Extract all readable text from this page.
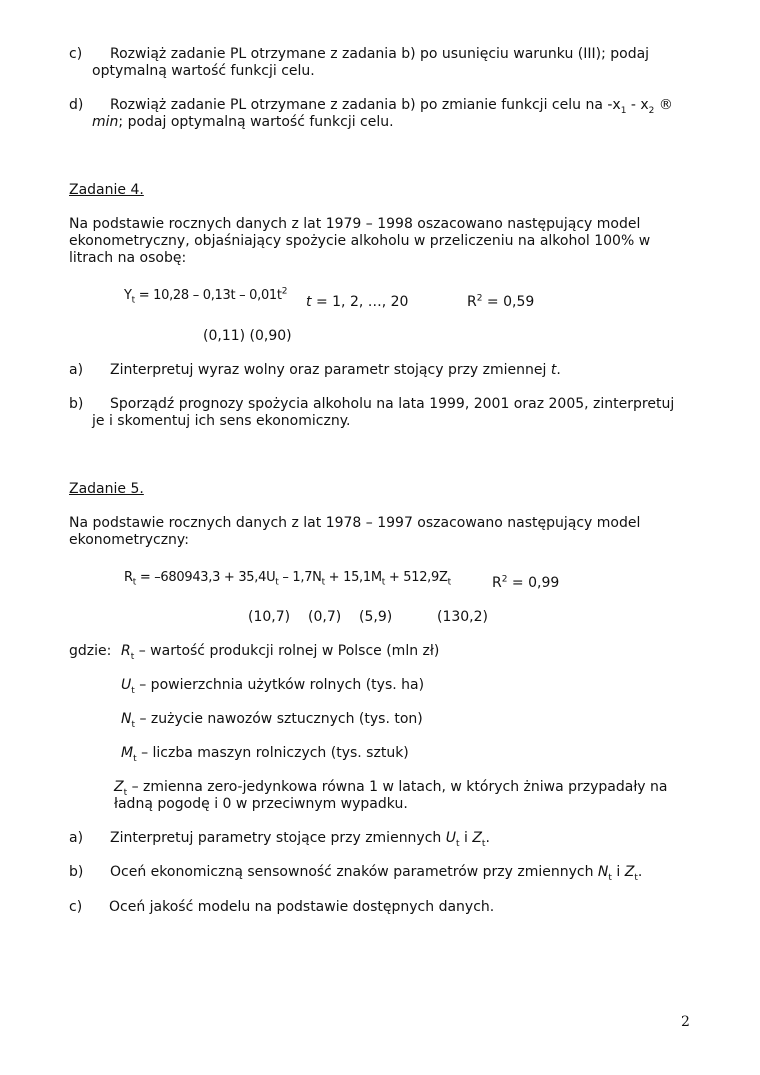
c) Rozwiąż zadanie PL otrzymane z zadania b) po usunięciu warunku (III); podaj
optymalną wartość funkcji celu.
d) Rozwiąż zadanie PL otrzymane z zadania b) po zmianie funkcji celu na $-x_1 - x_2$ ®
min; podaj optymalną wartość funkcji celu.
Zadanie 4.
Na podstawie rocznych danych z lat 1979 – 1998 oszacowano następujący model
ekonometryczny, objaśniający spożycie alkoholu w przeliczeniu na alkohol 100% w
litrach na osobę:
$Y_t = 10,28 - 0,13t - 0,01t^2$
t = 1, 2, …, 20	$R^2 = 0,59$
(0,11) (0,90)
a) Zinterpretuj wyraz wolny oraz parametr stojący przy zmiennej t.
b) Sporządź prognozy spożycia alkoholu na lata 1999, 2001 oraz 2005, zinterpretuj
je i skomentuj ich sens ekonomiczny.
Zadanie 5.
Na podstawie rocznych danych z lat 1978 – 1997 oszacowano następujący model
ekonometryczny:
$R_t = -680943,3 + 35,4U_t - 1,7N_t + 15,1M_t + 512,9Z_t$	$R^2 = 0,99$
(10,7) (0,7) (5,9)	(130,2)
gdzie: $R_t$ – wartość produkcji rolnej w Polsce (mln zł)
$U_t$ – powierzchnia użytków rolnych (tys. ha)
$N_t$ – zużycie nawozów sztucznych (tys. ton)
$M_t$ – liczba maszyn rolniczych (tys. sztuk)
$Z_t$ – zmienna zero-jedynkowa równa 1 w latach, w których żniwa przypadały na
ładną pogodę i 0 w przeciwnym wypadku.
a) Zinterpretuj parametry stojące przy zmiennych $U_t$ i $Z_t$.
b) Oceń ekonomiczną sensowność znaków parametrów przy zmiennych $N_t$ i $Z_t$.
c) Oceń jakość modelu na podstawie dostępnych danych.
2
